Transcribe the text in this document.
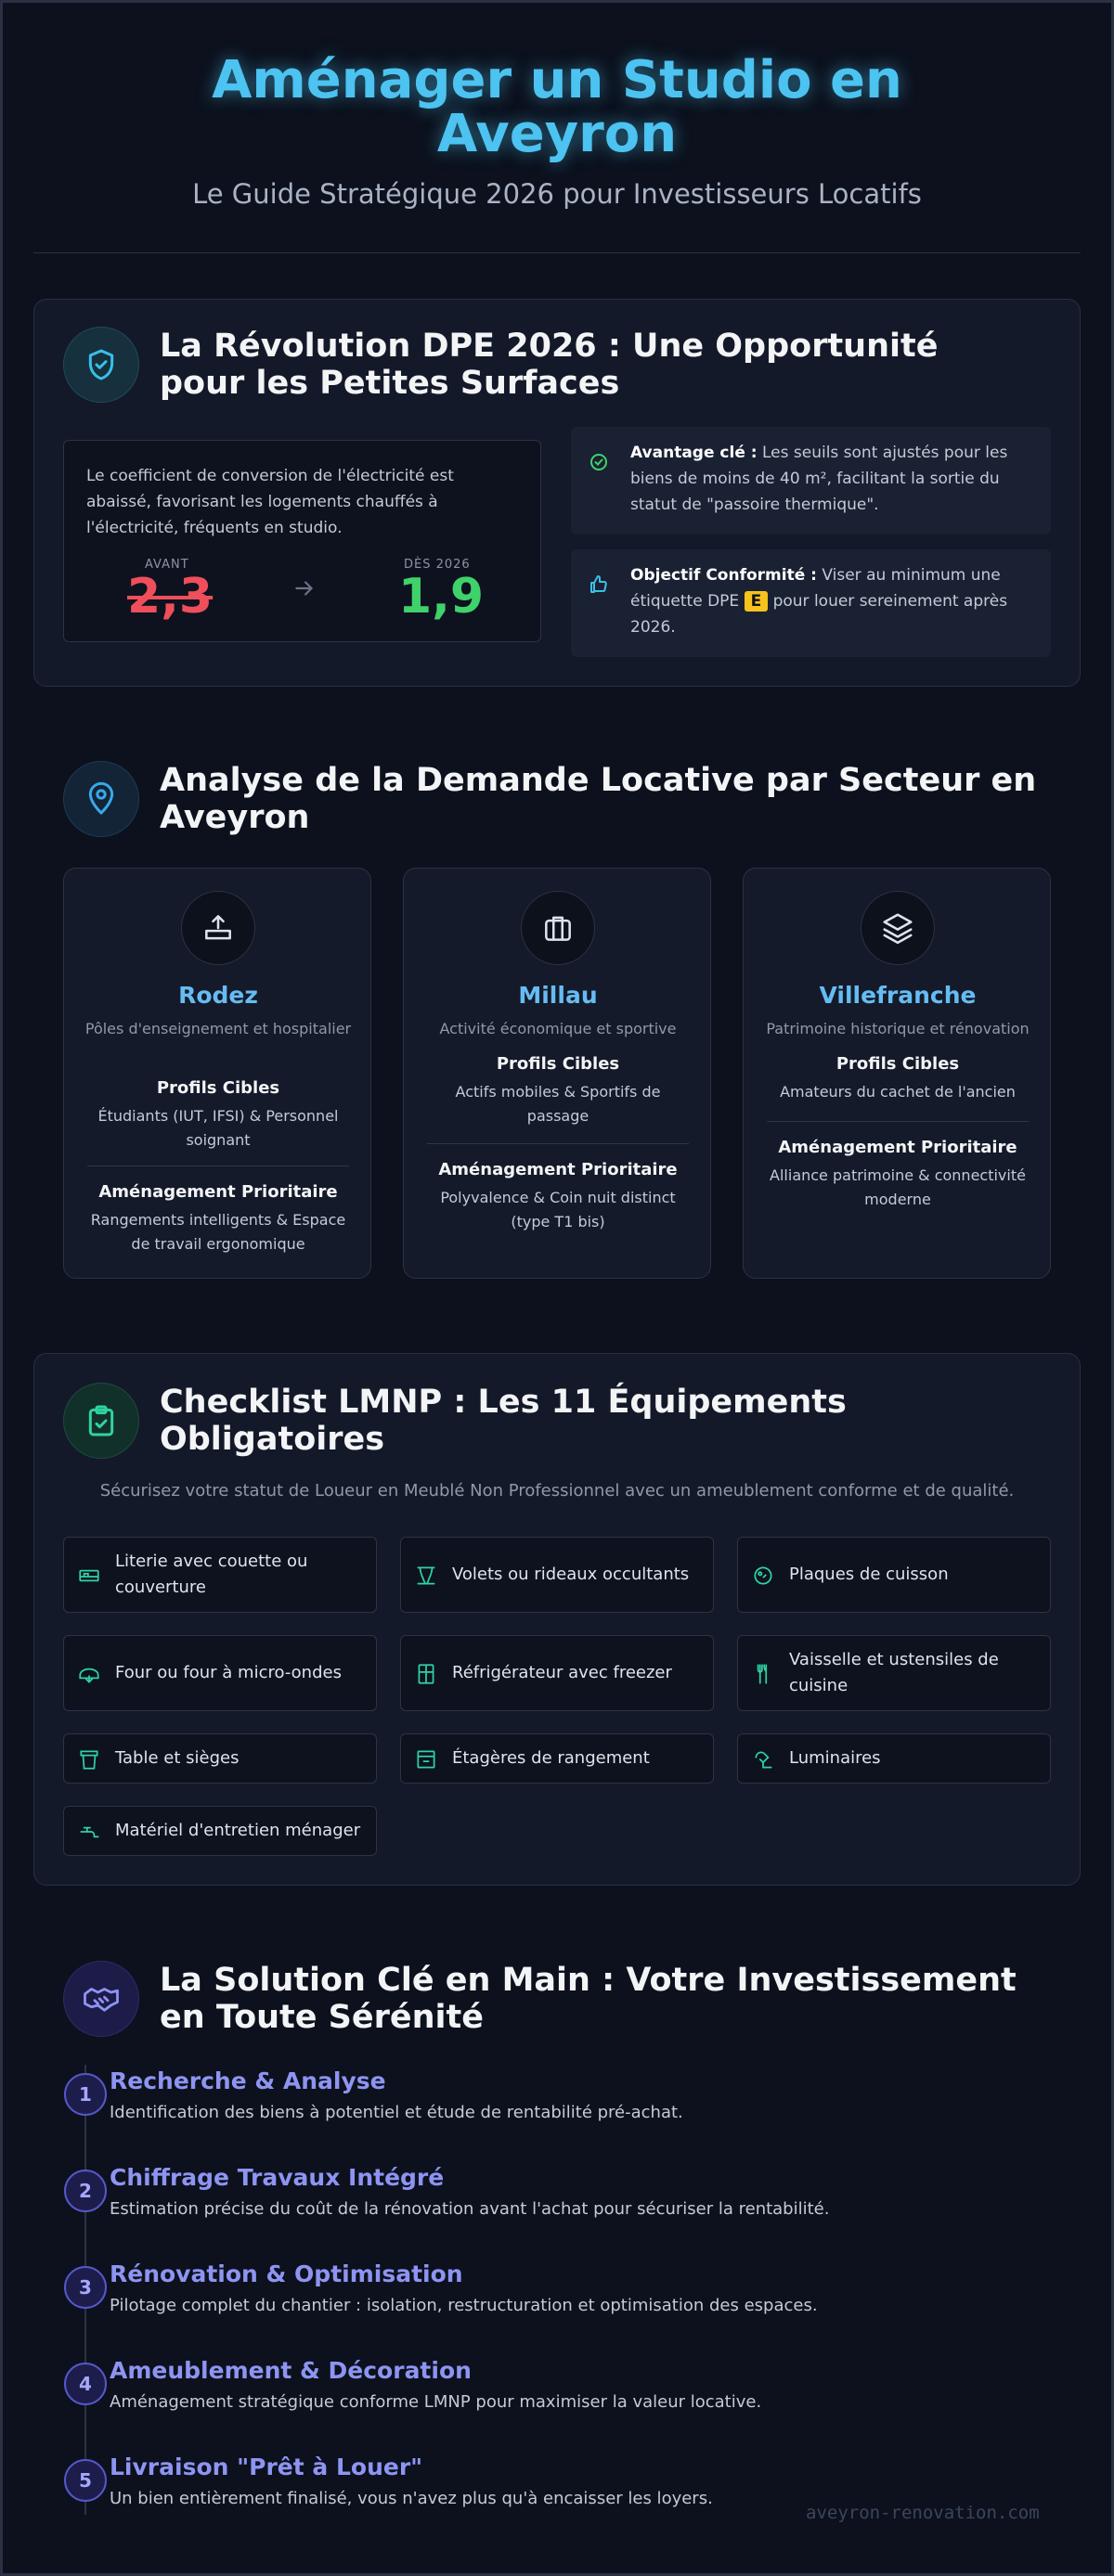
Aménager un Studio en Aveyron
Le Guide Stratégique 2026 pour Investisseurs Locatifs
La Révolution DPE 2026 : Une Opportunité pour les Petites Surfaces
Le coefficient de conversion de l'électricité est abaissé, favorisant les logements chauffés à l'électricité, fréquents en studio.
AVANT
2,3
DÈS 2026
1,9

Avantage clé : Les seuils sont ajustés pour les biens de moins de 40 m², facilitant la sortie du statut de "passoire thermique".

Objectif Conformité : Viser au minimum une étiquette DPE E pour louer sereinement après 2026.

Analyse de la Demande Locative par Secteur en Aveyron
Rodez
Pôles d'enseignement et hospitalier
Profils Cibles
Étudiants (IUT, IFSI) & Personnel soignant
Aménagement Prioritaire
Rangements intelligents & Espace de travail ergonomique
Millau
Activité économique et sportive
Profils Cibles
Actifs mobiles & Sportifs de passage
Aménagement Prioritaire
Polyvalence & Coin nuit distinct (type T1 bis)
Villefranche
Patrimoine historique et rénovation
Profils Cibles
Amateurs du cachet de l'ancien
Aménagement Prioritaire
Alliance patrimoine & connectivité moderne
Checklist LMNP : Les 11 Équipements Obligatoires
Sécurisez votre statut de Loueur en Meublé Non Professionnel avec un ameublement conforme et de qualité.
Literie avec couette ou couverture
Volets ou rideaux occultants	Plaques de cuisson
Four ou four à micro-ondes	Réfrigérateur avec freezer
Vaisselle et ustensiles de cuisine
Table et sièges	Étagères de rangement	Luminaires
Matériel d'entretien ménager
La Solution Clé en Main : Votre Investissement en Toute Sérénité
1 Recherche & Analyse
Identification des biens à potentiel et étude de rentabilité pré-achat.
2 Chiffrage Travaux Intégré
Estimation précise du coût de la rénovation avant l'achat pour sécuriser la rentabilité.
3 Rénovation & Optimisation
Pilotage complet du chantier : isolation, restructuration et optimisation des espaces.
4 Ameublement & Décoration
Aménagement stratégique conforme LMNP pour maximiser la valeur locative.
5 Livraison "Prêt à Louer"
Un bien entièrement finalisé, vous n'avez plus qu'à encaisser les loyers.
aveyron-renovation.com
